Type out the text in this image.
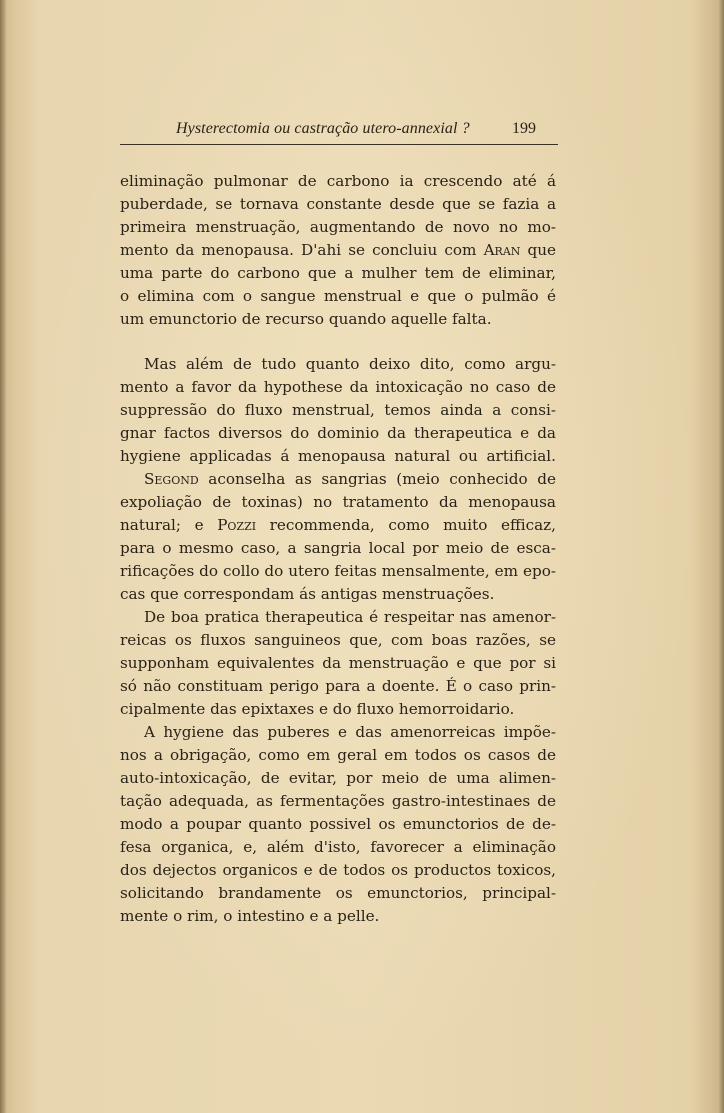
Hysterectomia ou castração utero-annexial ?	199
eliminação pulmonar de carbono ia crescendo até á
puberdade, se tornava constante desde que se fazia a
primeira menstruação, augmentando de novo no mo-
mento da menopausa. D'ahi se concluiu com Aran que
uma parte do carbono que a mulher tem de eliminar,
o elimina com o sangue menstrual e que o pulmão é
um emunctorio de recurso quando aquelle falta.
Mas além de tudo quanto deixo dito, como argu-
mento a favor da hypothese da intoxicação no caso de
suppressão do fluxo menstrual, temos ainda a consi-
gnar factos diversos do dominio da therapeutica e da
hygiene applicadas á menopausa natural ou artificial.
Segond aconselha as sangrias (meio conhecido de
expoliação de toxinas) no tratamento da menopausa
natural; e Pozzi recommenda, como muito efficaz,
para o mesmo caso, a sangria local por meio de esca-
rificações do collo do utero feitas mensalmente, em epo-
cas que correspondam ás antigas menstruações.
De boa pratica therapeutica é respeitar nas amenor-
reicas os fluxos sanguineos que, com boas razões, se
supponham equivalentes da menstruação e que por si
só não constituam perigo para a doente. É o caso prin-
cipalmente das epixtaxes e do fluxo hemorroidario.
A hygiene das puberes e das amenorreicas impõe-
nos a obrigação, como em geral em todos os casos de
auto-intoxicação, de evitar, por meio de uma alimen-
tação adequada, as fermentações gastro-intestinaes de
modo a poupar quanto possivel os emunctorios de de-
fesa organica, e, além d'isto, favorecer a eliminação
dos dejectos organicos e de todos os productos toxicos,
solicitando brandamente os emunctorios, principal-
mente o rim, o intestino e a pelle.
